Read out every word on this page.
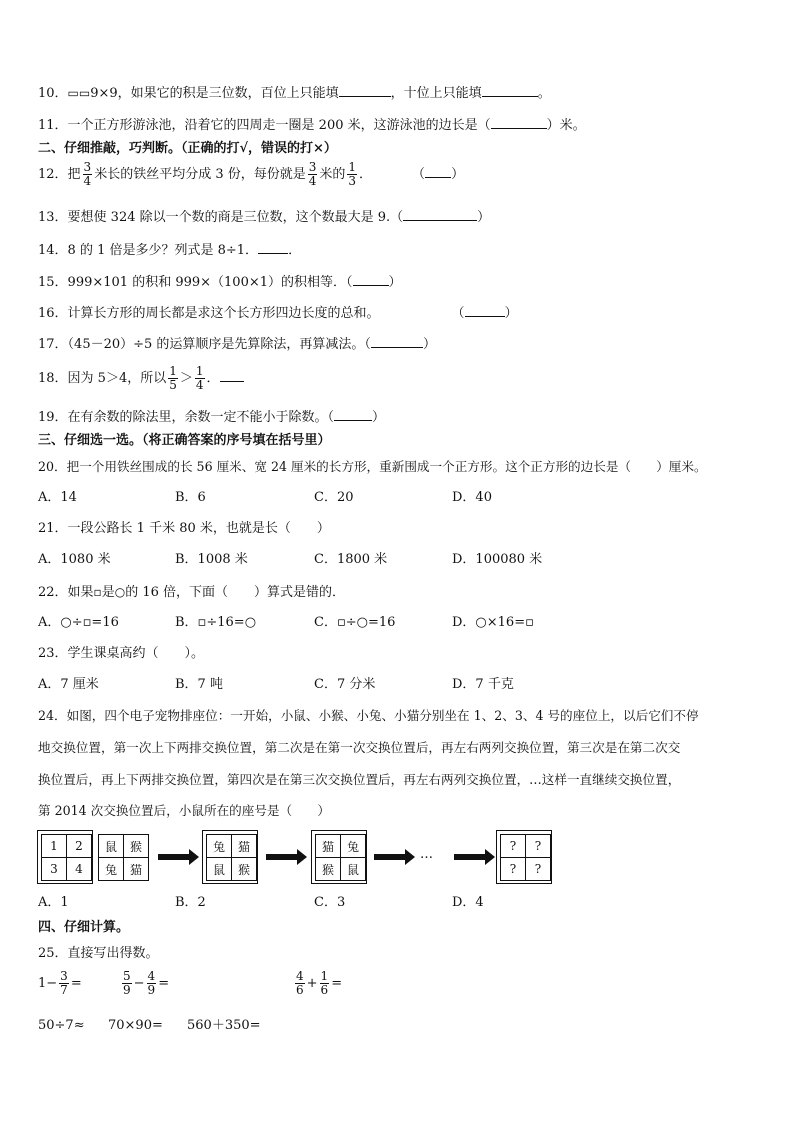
10．▭▭9×9，如果它的积是三位数，百位上只能填	，十位上只能填	。
11．一个正方形游泳池，沿着它的四周走一圈是 200 米，这游泳池的边长是（	）米。
二、仔细推敲，巧判断。（正确的打√，错误的打×）
12．把 $\frac{3}{4}$ 米长的铁丝平均分成 3 份，每份就是 $\frac{3}{4}$ 米的 $\frac{1}{3}$ ．	（ ）
13．要想使 324 除以一个数的商是三位数，这个数最大是 9.（	）
14．8 的 1 倍是多少？列式是 8÷1． ．
15．999×101 的积和 999×（100×1）的积相等．（	）
16．计算长方形的周长都是求这个长方形四边长度的总和。	（	）
17．（45－20）÷5 的运算顺序是先算除法，再算减法。（	）
18．因为 5＞4，所以 $\frac{1}{5} > \frac{1}{4}$ ．
19．在有余数的除法里，余数一定不能小于除数。（	）
三、仔细选一选。（将正确答案的序号填在括号里）
20．把一个用铁丝围成的长 56 厘米、宽 24 厘米的长方形，重新围成一个正方形。这个正方形的边长是（　　）厘米。
A．14	B．6	C．20	D．40
21．一段公路长 1 千米 80 米，也就是长（　　）
A．1080 米	B．1008 米	C．1800 米	D．100080 米
22．如果▫是○的 16 倍，下面（　　）算式是错的．
A．○÷▫=16	B．▫÷16=○	C．▫÷○=16	D．○×16=▫
23．学生课桌高约（　　）。
A．7 厘米	B．7 吨	C．7 分米	D．7 千克
24．如图，四个电子宠物排座位：一开始，小鼠、小猴、小兔、小猫分别坐在 1、2、3、4 号的座位上，以后它们不停
地交换位置，第一次上下两排交换位置，第二次是在第一次交换位置后，再左右两列交换位置，第三次是在第二次交
换位置后，再上下两排交换位置，第四次是在第三次交换位置后，再左右两列交换位置，…这样一直继续交换位置，
第 2014 次交换位置后，小鼠所在的座号是（　　）
1	2
3	4
鼠	猴
兔	猫
兔	猫
鼠	猴
猫	兔
猴	鼠
…
?	?
?	?
A．1	B．2	C．3	D．4
四、仔细计算。
25．直接写出得数。
$1- \frac{3}{7}$ =	$\frac{5}{9} - \frac{4}{9}$ =	$\frac{4}{6} + \frac{1}{6}$ =
50÷7≈ 70×90= 560＋350=
